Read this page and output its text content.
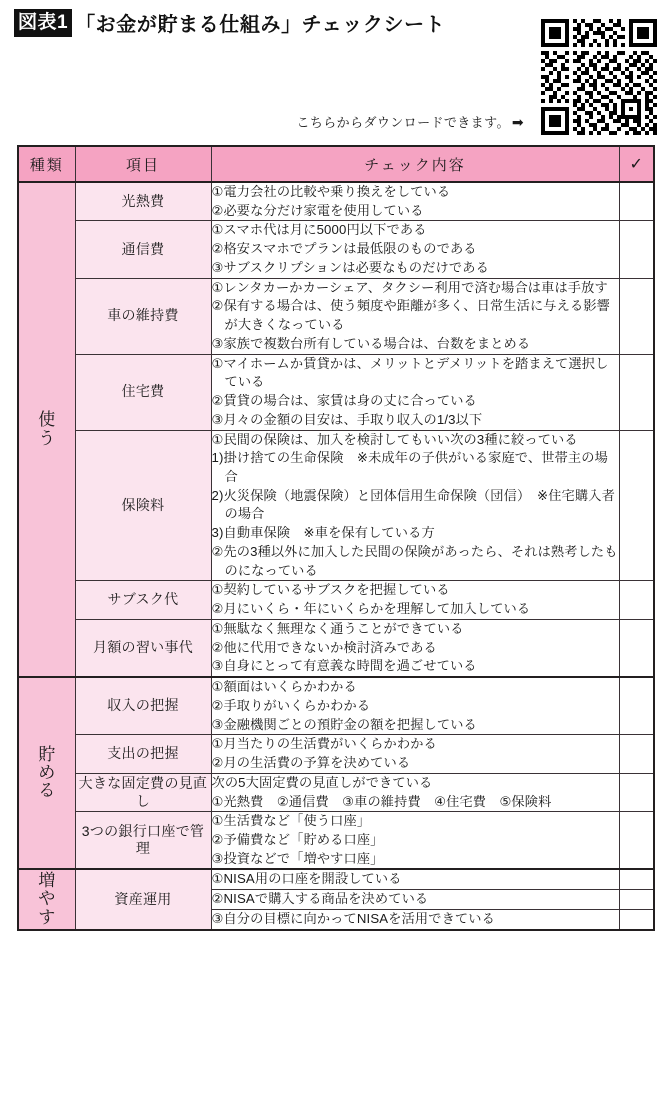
図表1 「お金が貯まる仕組み」チェックシート
こちらからダウンロードできます。 ➡
種類	項目	チェック内容	✓

使
う	光熱費	①電力会社の比較や乗り換えをしている
②必要な分だけ家電を使用している	

	通信費	①スマホ代は月に5000円以下である
②格安スマホでプランは最低限のものである
③サブスクリプションは必要なものだけである	

	車の維持費	①レンタカーかカーシェア、タクシー利用で済む場合は車は手放す
②保有する場合は、使う頻度や距離が多く、日常生活に与える影響が大きくなっている
③家族で複数台所有している場合は、台数をまとめる	

	住宅費	①マイホームか賃貸かは、メリットとデメリットを踏まえて選択している
②賃貸の場合は、家賃は身の丈に合っている
③月々の金額の目安は、手取り収入の1/3以下	

	保険料	①民間の保険は、加入を検討してもいい次の3種に絞っている
1)掛け捨ての生命保険　※未成年の子供がいる家庭で、世帯主の場合
2)火災保険（地震保険）と団体信用生命保険（団信）　※住宅購入者の場合
3)自動車保険　※車を保有している方
②先の3種以外に加入した民間の保険があったら、それは熟考したものになっている	

	サブスク代	①契約しているサブスクを把握している
②月にいくら・年にいくらかを理解して加入している	

	月額の習い事代	①無駄なく無理なく通うことができている
②他に代用できないか検討済みである
③自身にとって有意義な時間を過ごせている	

貯
め
る	収入の把握	①額面はいくらかわかる
②手取りがいくらかわかる
③金融機関ごとの預貯金の額を把握している	

	支出の把握	①月当たりの生活費がいくらかわかる
②月の生活費の予算を決めている	

	大きな固定費の見直し	次の5大固定費の見直しができている
①光熱費　②通信費　③車の維持費　④住宅費　⑤保険料	

	3つの銀行口座で管理	①生活費など「使う口座」
②予備費など「貯める口座」
③投資などで「増やす口座」	

増
や
す	資産運用	①NISA用の口座を開設している	

		②NISAで購入する商品を決めている	

		③自分の目標に向かってNISAを活用できている	
